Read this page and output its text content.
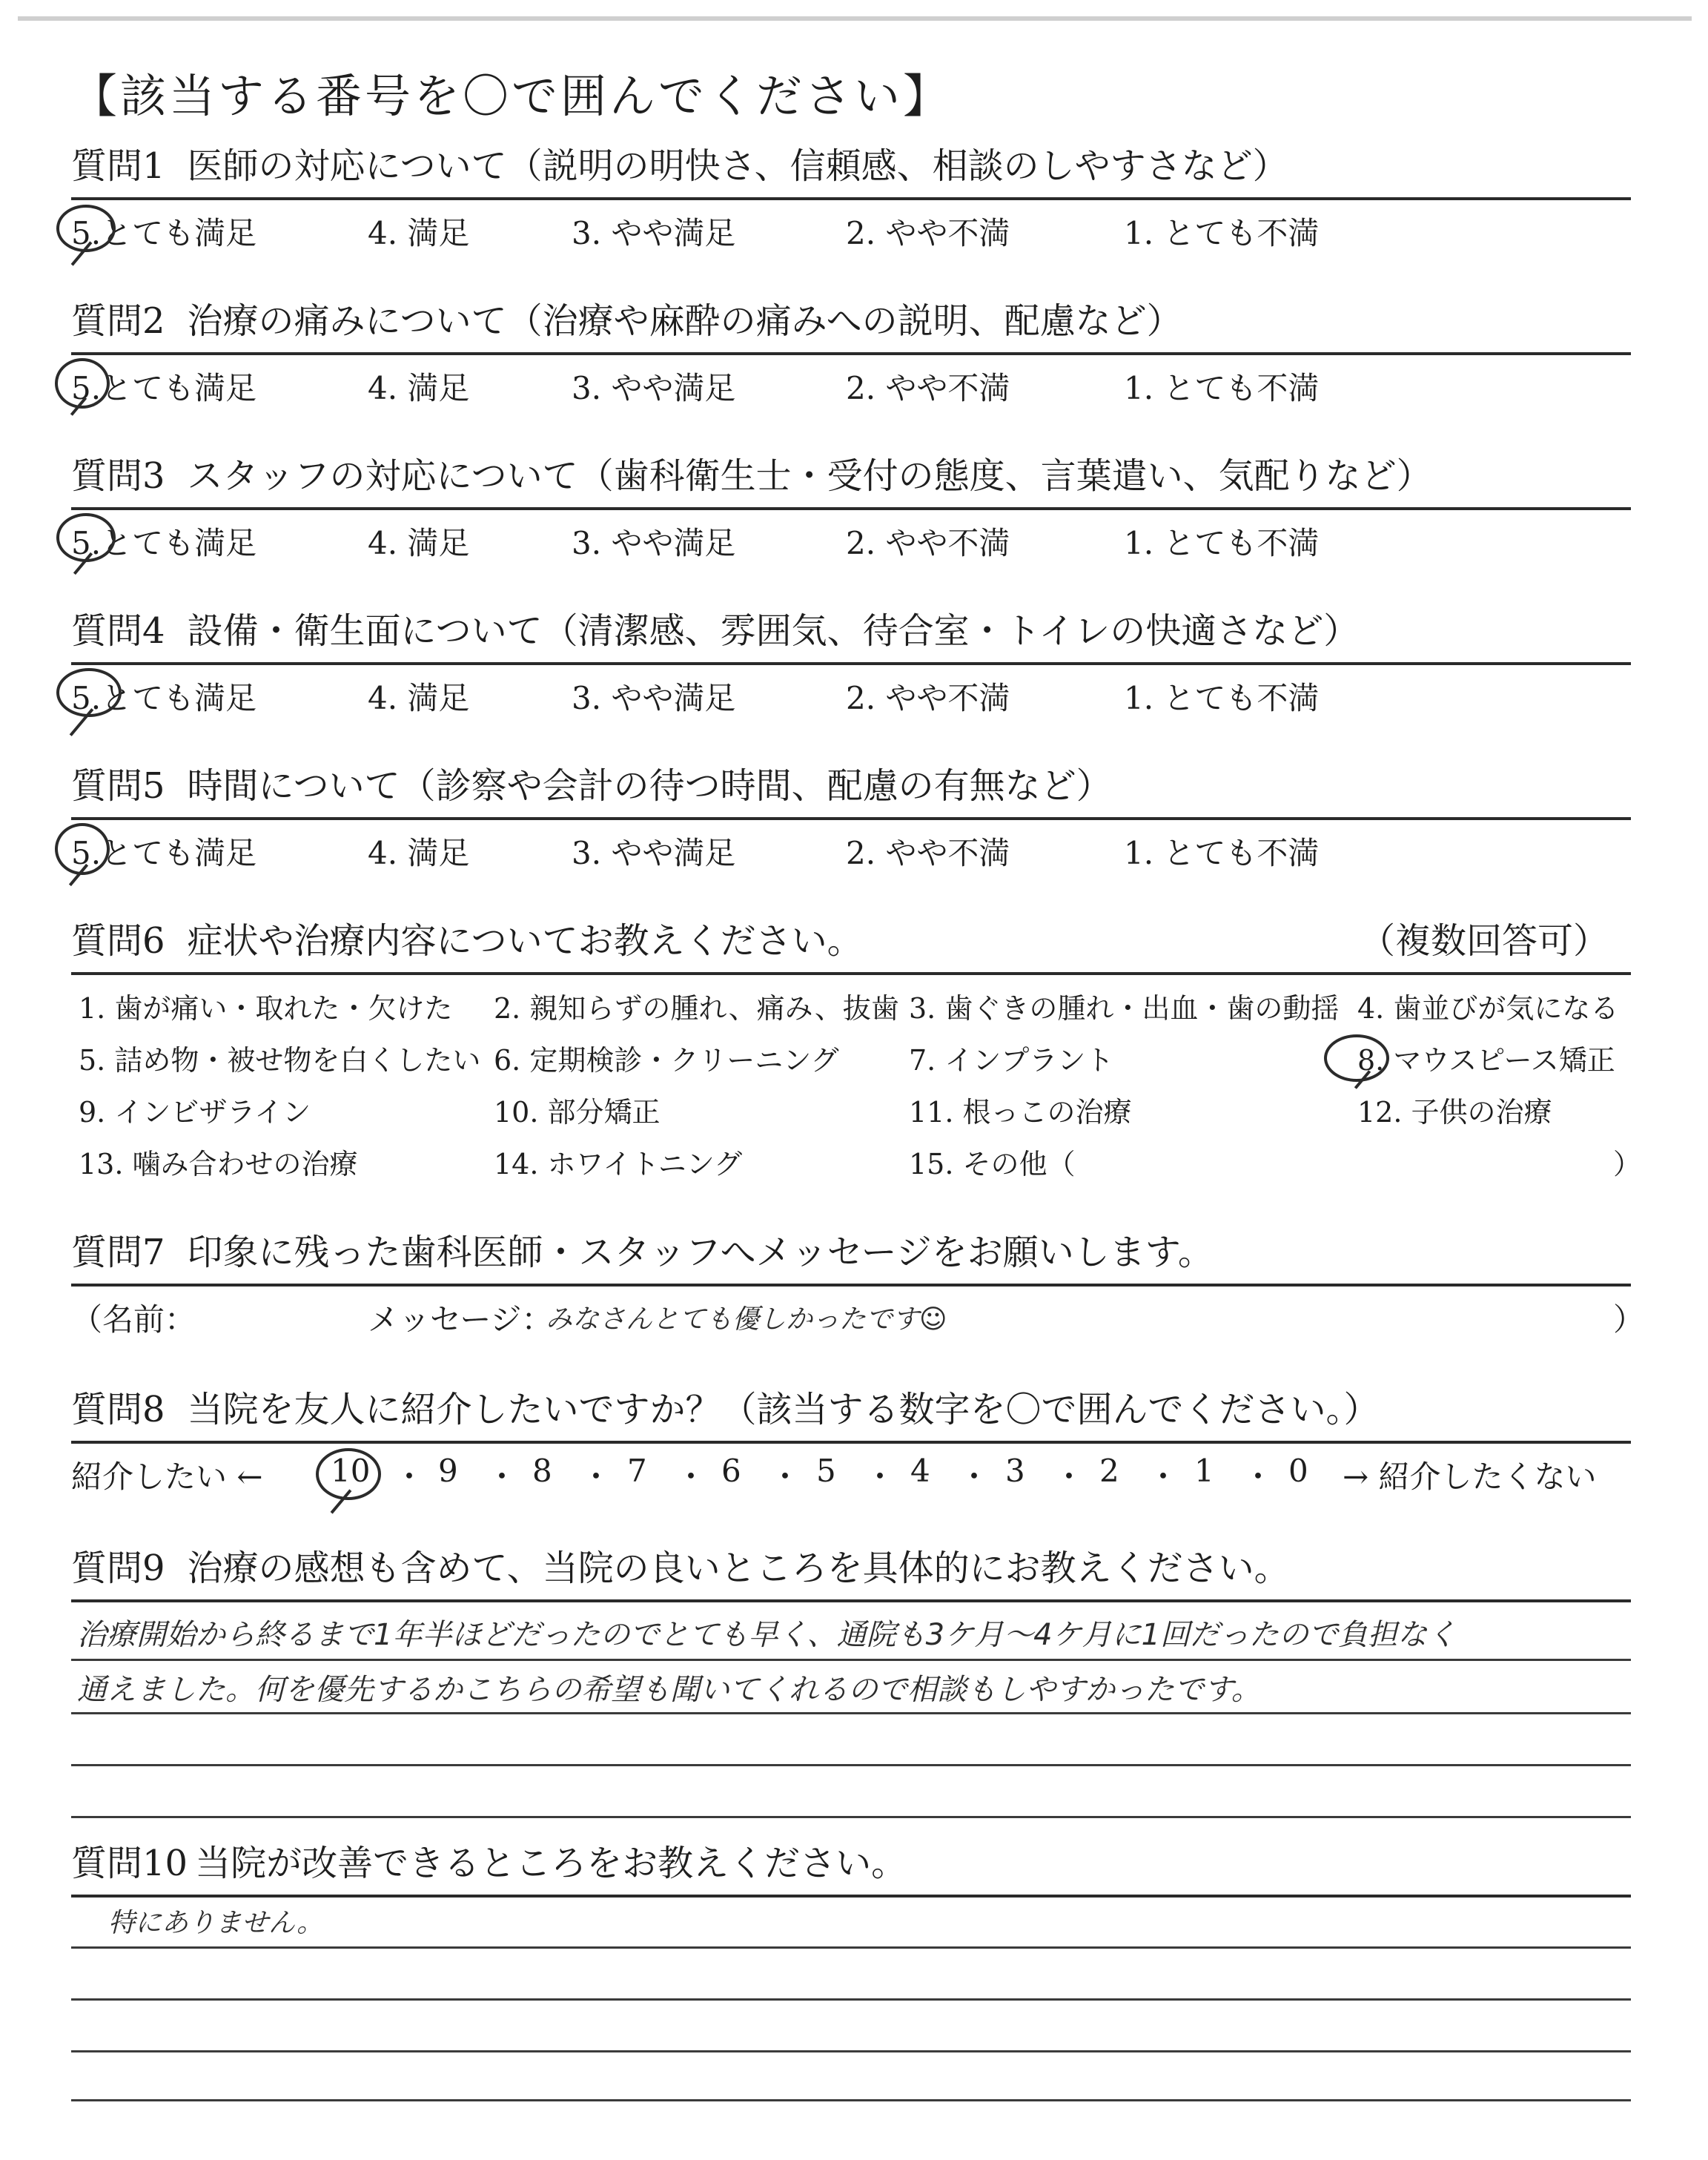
【該当する番号を〇で囲んでください】
質問1 医師の対応について（説明の明快さ、信頼感、相談のしやすさなど）
5.とても満足	4. 満足	3. やや満足	2. やや不満	1. とても不満
質問2 治療の痛みについて（治療や麻酔の痛みへの説明、配慮など）
5.とても満足	4. 満足	3. やや満足	2. やや不満	1. とても不満
質問3 スタッフの対応について（歯科衛生士・受付の態度、言葉遣い、気配りなど）
5.とても満足	4. 満足	3. やや満足	2. やや不満	1. とても不満
質問4 設備・衛生面について（清潔感、雰囲気、待合室・トイレの快適さなど）
5.とても満足	4. 満足	3. やや満足	2. やや不満	1. とても不満
質問5 時間について（診察や会計の待つ時間、配慮の有無など）
5.とても満足	4. 満足	3. やや満足	2. やや不満	1. とても不満
質問6 症状や治療内容についてお教えください。	（複数回答可）
1. 歯が痛い・取れた・欠けた 2. 親知らずの腫れ、痛み、抜歯 3. 歯ぐきの腫れ・出血・歯の動揺 4. 歯並びが気になる
5. 詰め物・被せ物を白くしたい 6. 定期検診・クリーニング 7. インプラント	8. マウスピース矯正
9. インビザライン	10. 部分矯正	11. 根っこの治療	12. 子供の治療
13. 噛み合わせの治療	14. ホワイトニング	15. その他（	）
質問7 印象に残った歯科医師・スタッフへメッセージをお願いします。
（名前：	メッセージ：
みなさんとても優しかったです☺	）
質問8 当院を友人に紹介したいですか？（該当する数字を〇で囲んでください。）
紹介したい ← 10 ・ 9 ・ 8 ・ 7 ・ 6 ・ 5 ・ 4 ・ 3 ・ 2 ・ 1 ・ 0 → 紹介したくない
質問9 治療の感想も含めて、当院の良いところを具体的にお教えください。
治療開始から終るまで1年半ほどだったのでとても早く、通院も3ケ月〜4ケ月に1回だったので負担なく
通えました。何を優先するかこちらの希望も聞いてくれるので相談もしやすかったです。
質問10 当院が改善できるところをお教えください。
特にありません。
